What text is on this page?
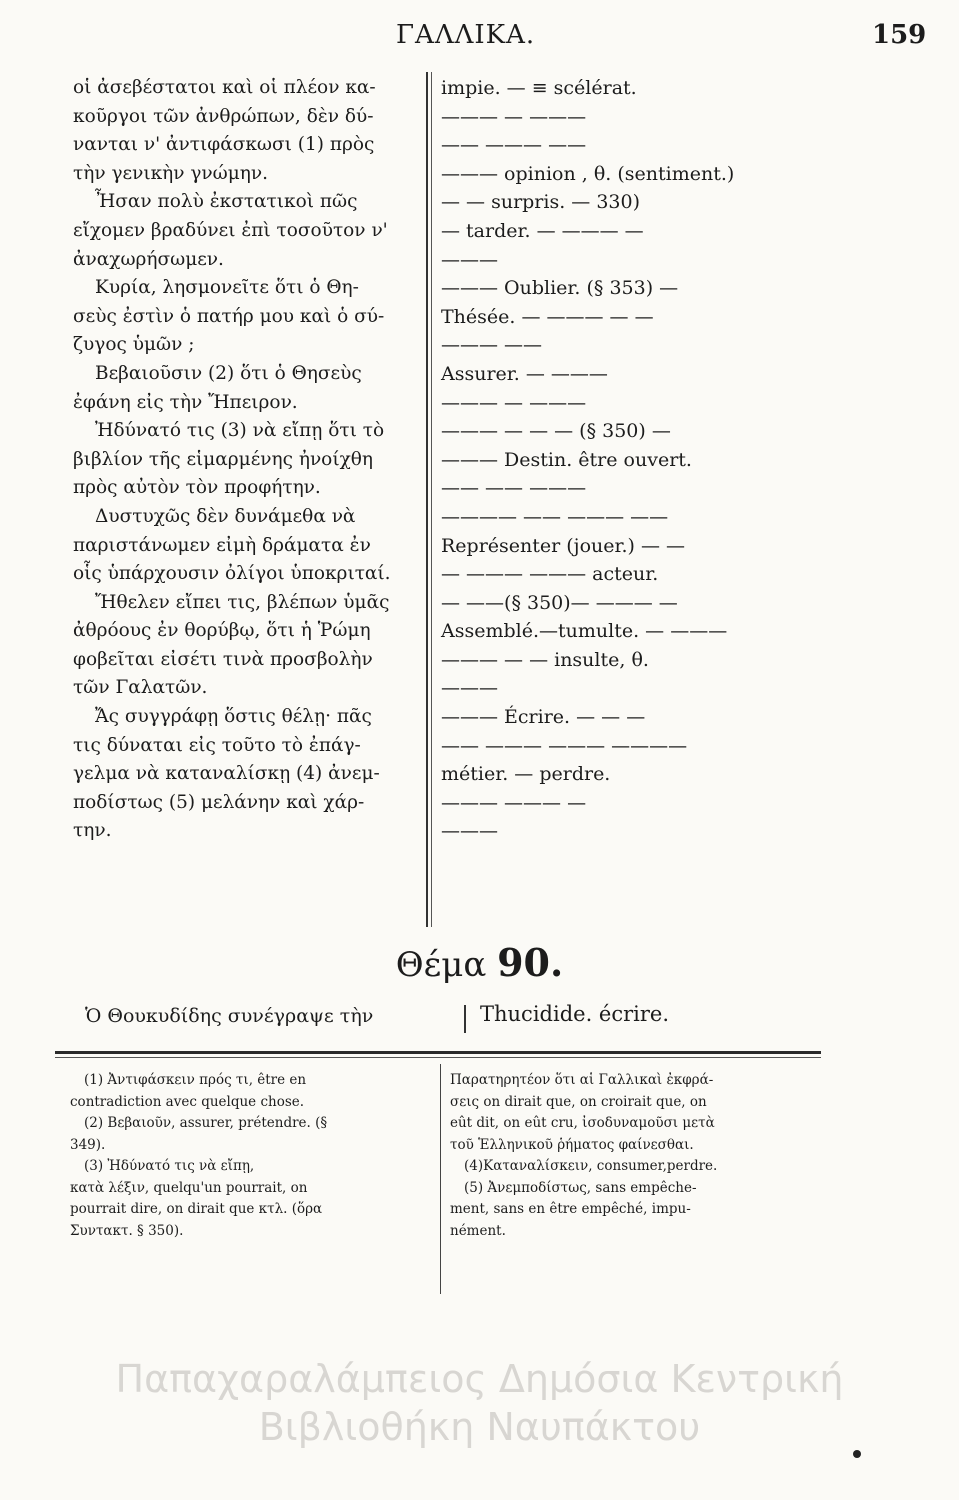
ΓΑΛΛΙΚΑ.	159
οἱ ἀσεβέστατοι καὶ οἱ πλέον κα-
κοῦργοι τῶν ἀνθρώπων, δὲν δύ-
νανται ν' ἀντιφάσκωσι (1) πρὸς
τὴν γενικὴν γνώμην.
Ἦσαν πολὺ ἐκστατικοὶ πῶς
εἴχομεν βραδύνει ἐπὶ τοσοῦτον ν'
ἀναχωρήσωμεν.
Κυρία, λησμονεῖτε ὅτι ὁ Θη-
σεὺς ἐστὶν ὁ πατήρ μου καὶ ὁ σύ-
ζυγος ὑμῶν ;
Βεβαιοῦσιν (2) ὅτι ὁ Θησεὺς
ἐφάνη εἰς τὴν Ἤπειρον.
Ἠδύνατό τις (3) νὰ εἴπῃ ὅτι τὸ
βιβλίον τῆς εἱμαρμένης ἠνοίχθη
πρὸς αὐτὸν τὸν προφήτην.
Δυστυχῶς δὲν δυνάμεθα νὰ
παριστάνωμεν εἰμὴ δράματα ἐν
οἷς ὑπάρχουσιν ὀλίγοι ὑποκριταί.
Ἤθελεν εἴπει τις, βλέπων ὑμᾶς
ἀθρόους ἐν θορύβῳ, ὅτι ἡ Ῥώμη
φοβεῖται εἰσέτι τινὰ προσβολὴν
τῶν Γαλατῶν.
Ἄς συγγράφῃ ὅστις θέλῃ· πᾶς
τις δύναται εἰς τοῦτο τὸ ἐπάγ-
γελμα νὰ καταναλίσκῃ (4) ἀνεμ-
ποδίστως (5) μελάνην καὶ χάρ-
την.
impie. — ≡ scélérat.
——— — ———
—— ——— ——
——— opinion , θ. (sentiment.)
— — surpris. — 330)
— tarder. — ——— —
———
——— Oublier. (§ 353) —
Thésée. — ——— — —
——— ——
Assurer. — ———
——— — ———
——— — — — (§ 350) —
——— Destin. être ouvert.
—— —— ———
———— —— ——— ——
Représenter (jouer.) — —
— ——— ——— acteur.
— ——(§ 350)— ——— —
Assemblé.—tumulte. — ———
——— — — insulte, θ.
———
——— Écrire. — — —
—— ——— ——— ————
métier. — perdre.
——— ——— —
———
Θέμα 90.
Ὁ Θουκυδίδης συνέγραψε τὴν	Thucidide. écrire.
(1) Ἀντιφάσκειν πρός τι, être en
contradiction avec quelque chose.
(2) Βεβαιοῦν, assurer, prétendre. (§
349).
(3) Ἠδύνατό τις νὰ εἴπῃ,
κατὰ λέξιν, quelqu'un pourrait, on
pourrait dire, on dirait que κτλ. (ὅρα
Συντακτ. § 350).
Παρατηρητέον ὅτι αἱ Γαλλικαὶ ἐκφρά-
σεις on dirait que, on croirait que, on
eût dit, on eût cru, ἰσοδυναμοῦσι μετὰ
τοῦ Ἑλληνικοῦ ῥήματος φαίνεσθαι.
(4)Καταναλίσκειν, consumer,perdre.
(5) Ἀνεμποδίστως, sans empêche-
ment, sans en être empêché, impu-
nément.
Παπαχαραλάμπειος Δημόσια Κεντρική
Βιβλιοθήκη Ναυπάκτου
